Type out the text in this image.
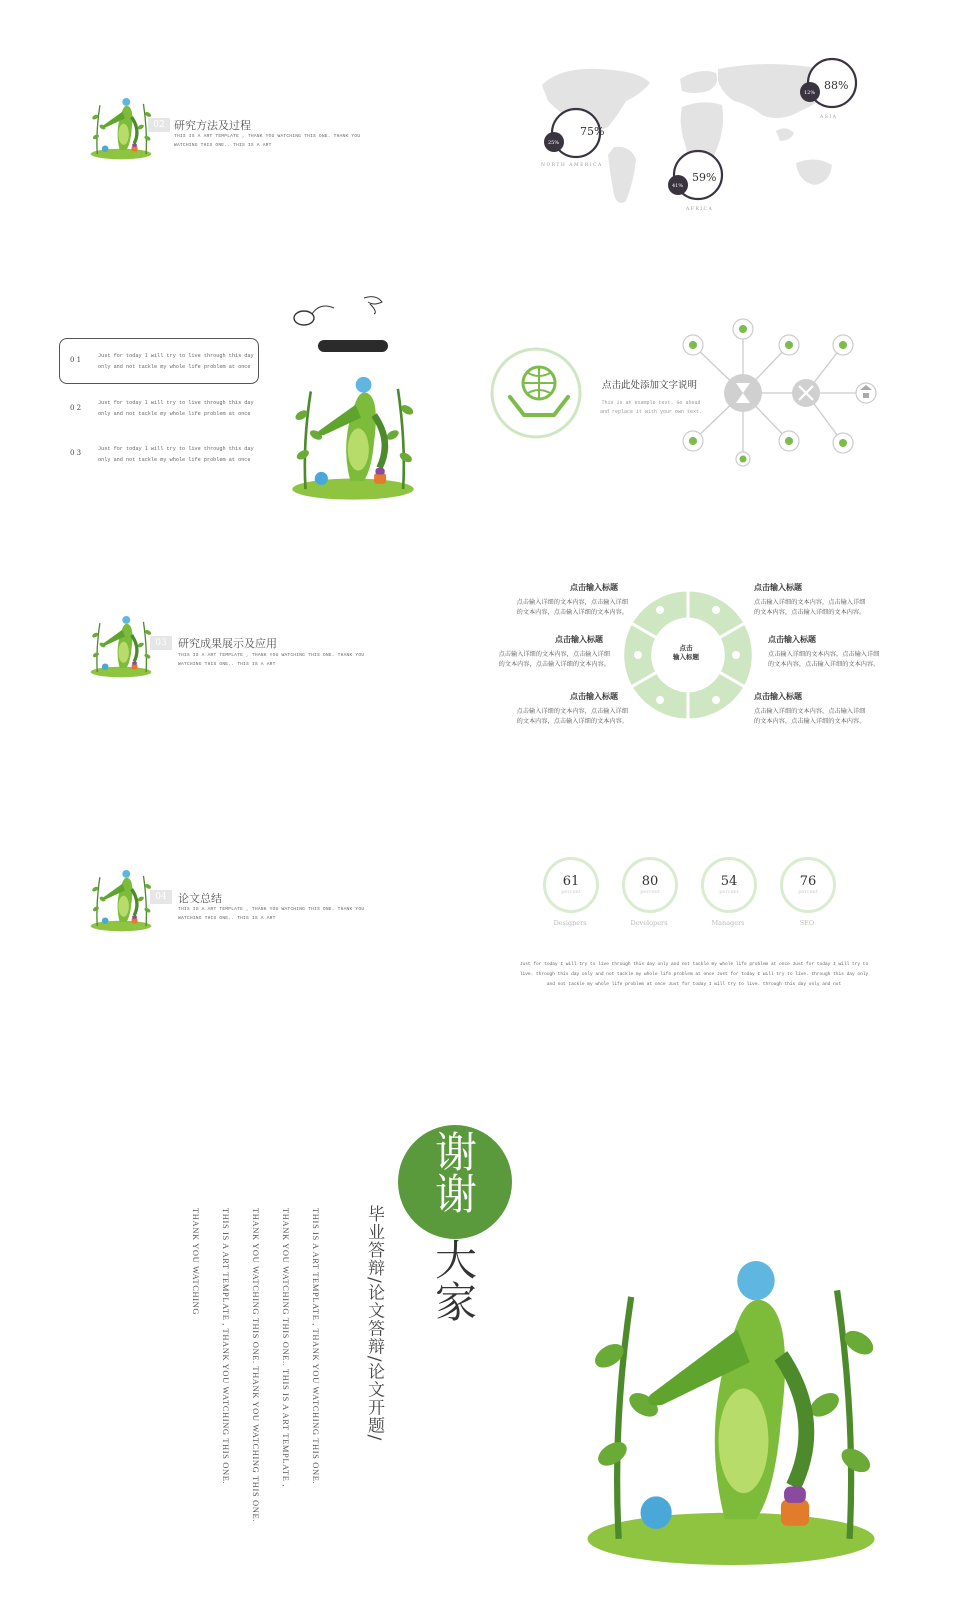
02 研究方法及过程
THIS IS A ART TEMPLATE , THANK YOU WATCHING THIS ONE. THANK YOU WATCHING THIS ONE.. THIS IS A ART
75%
25%
NORTH AMERICA
88%
12%
ASIA
59%
41%
AFRICA
0 1	Just for today I will try to live through this day only and not tackle my whole life problem at once
0 2
Just for today I will try to live through this day only and not tackle my whole life problem at once
0 3	Just for today I will try to live through this day only and not tackle my whole life problem at once
点击此处添加文字说明
This is an example text. Go ahead and replace it with your own text.
03	研究成果展示及应用
THIS IS A ART TEMPLATE , THANK YOU WATCHING THIS ONE. THANK YOU WATCHING THIS ONE.. THIS IS A ART
点击输入标题
点击输入详细的文本内容，点击输入详细的文本内容，点击输入详细的文本内容。
点击输入标题
点击输入详细的文本内容，点击输入详细的文本内容，点击输入详细的文本内容。
点击输入标题
点击输入详细的文本内容，点击输入详细的文本内容，点击输入详细的文本内容。
点击输入标题
点击输入详细的文本内容，点击输入详细的文本内容，点击输入详细的文本内容。
点击输入标题
点击输入详细的文本内容，点击输入详细的文本内容，点击输入详细的文本内容。
点击输入标题
点击输入详细的文本内容，点击输入详细的文本内容，点击输入详细的文本内容。
点击
输入标题
04	论文总结
THIS IS A ART TEMPLATE , THANK YOU WATCHING THIS ONE. THANK YOU WATCHING THIS ONE.. THIS IS A ART
61
percent
Designers
80
percent
Developers
54
percent
Managers
76
percent
SEO
Just for today I will try to live through this day only and not tackle my whole life problem at once Just for today I will try to live. through this day only and not tackle my whole life problem at once Just for today I will try to live. through this day only and not tackle my whole life problem at once Just for today I will try to live. through this day only and not
谢谢
大家
毕业答辩/论文答辩/论文开题/
THIS IS A ART TEMPLATE , THANK YOU WATCHING THIS ONE.
THANK YOU WATCHING THIS ONE.. THIS IS A ART TEMPLATE ,
THANK YOU WATCHING THIS ONE. THANK YOU WATCHING THIS ONE.
THIS IS A ART TEMPLATE , THANK YOU WATCHING THIS ONE.
THANK YOU WATCHING
